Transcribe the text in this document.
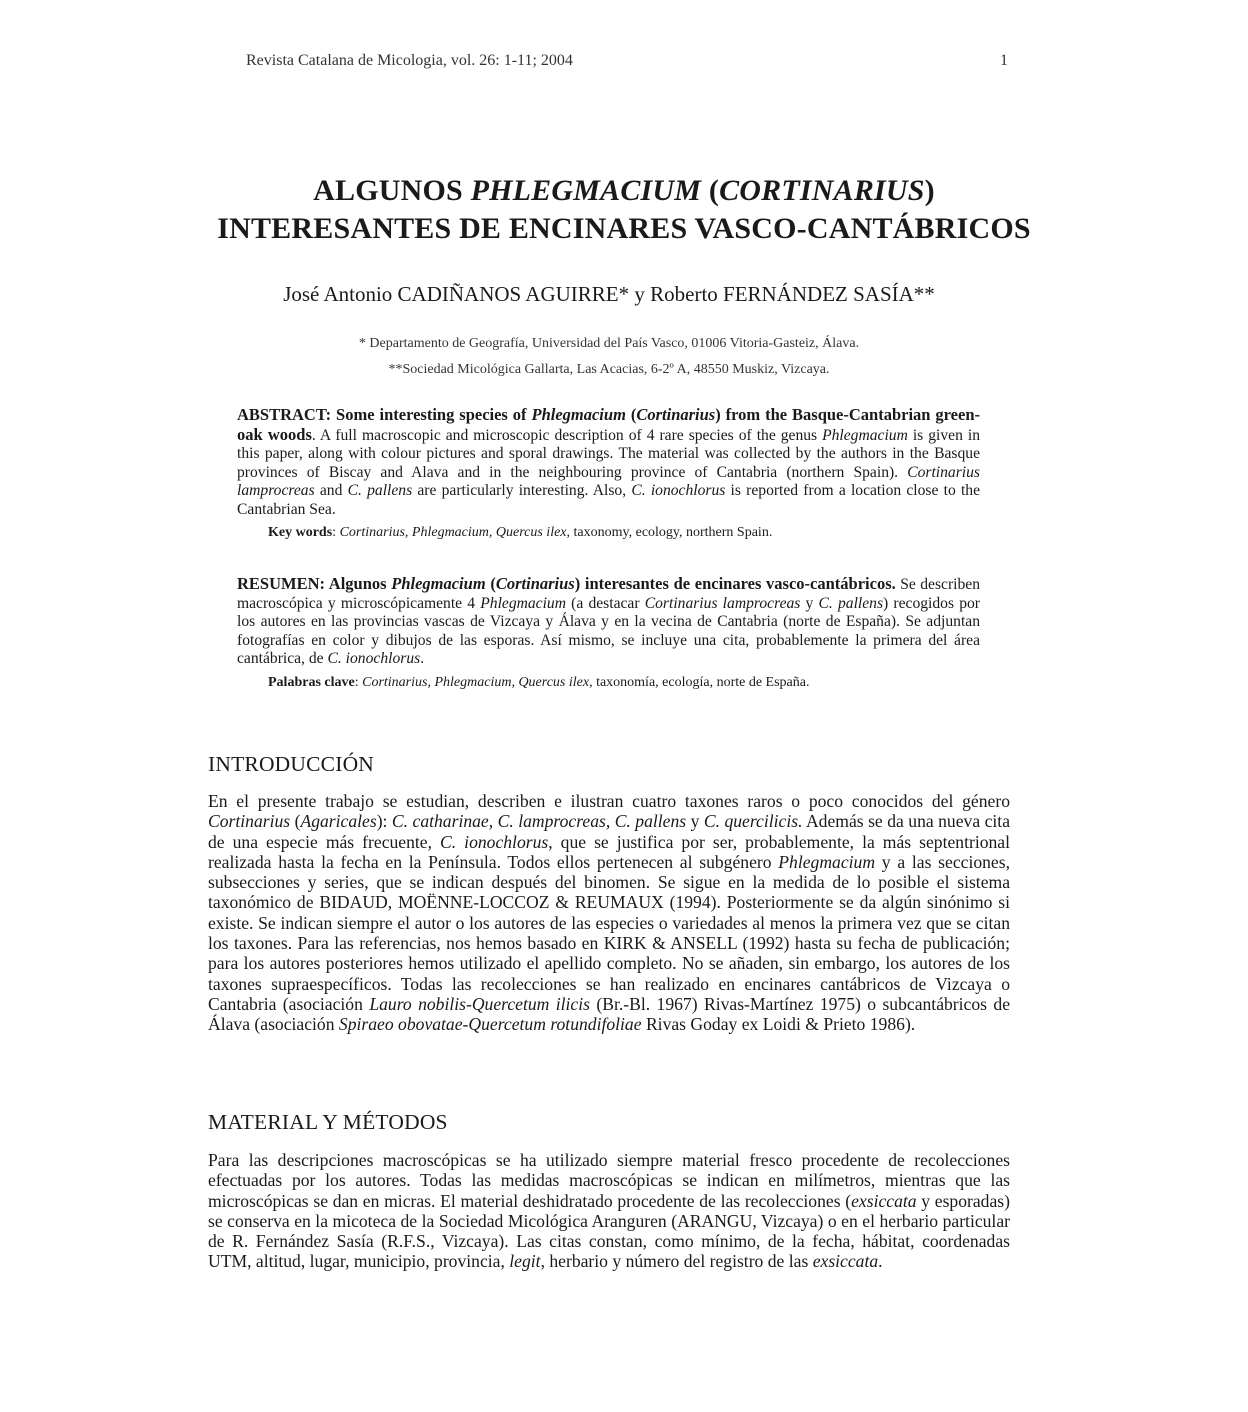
Revista Catalana de Micologia, vol. 26: 1-11; 2004	1
ALGUNOS PHLEGMACIUM (CORTINARIUS)
INTERESANTES DE ENCINARES VASCO-CANTÁBRICOS
José Antonio CADIÑANOS AGUIRRE* y Roberto FERNÁNDEZ SASÍA**
* Departamento de Geografía, Universidad del País Vasco, 01006 Vitoria-Gasteiz, Álava.
**Sociedad Micológica Gallarta, Las Acacias, 6-2º A, 48550 Muskiz, Vizcaya.
ABSTRACT: Some interesting species of Phlegmacium (Cortinarius) from the Basque-Cantabrian green-oak woods. A full macroscopic and microscopic description of 4 rare species of the genus Phlegmacium is given in this paper, along with colour pictures and sporal drawings. The material was collected by the authors in the Basque provinces of Biscay and Alava and in the neighbouring province of Cantabria (northern Spain). Cortinarius lamprocreas and C. pallens are particularly interesting. Also, C. ionochlorus is reported from a location close to the Cantabrian Sea.
Key words: Cortinarius, Phlegmacium, Quercus ilex, taxonomy, ecology, northern Spain.
RESUMEN: Algunos Phlegmacium (Cortinarius) interesantes de encinares vasco-cantábricos. Se describen macroscópica y microscópicamente 4 Phlegmacium (a destacar Cortinarius lamprocreas y C. pallens) recogidos por los autores en las provincias vascas de Vizcaya y Álava y en la vecina de Cantabria (norte de España). Se adjuntan fotografías en color y dibujos de las esporas. Así mismo, se incluye una cita, probablemente la primera del área cantábrica, de C. ionochlorus.
Palabras clave: Cortinarius, Phlegmacium, Quercus ilex, taxonomía, ecología, norte de España.
INTRODUCCIÓN

En el presente trabajo se estudian, describen e ilustran cuatro taxones raros o poco conocidos del género Cortinarius (Agaricales): C. catharinae, C. lamprocreas, C. pallens y C. quercilicis. Además se da una nueva cita de una especie más frecuente, C. ionochlorus, que se justifica por ser, probablemente, la más septentrional realizada hasta la fecha en la Península. Todos ellos pertenecen al subgénero Phlegmacium y a las secciones, subsecciones y series, que se indican después del binomen. Se sigue en la medida de lo posible el sistema taxonómico de BIDAUD, MOËNNE-LOCCOZ & REUMAUX (1994). Posteriormente se da algún sinónimo si existe. Se indican siempre el autor o los autores de las especies o variedades al menos la primera vez que se citan los taxones. Para las referencias, nos hemos basado en KIRK & ANSELL (1992) hasta su fecha de publicación; para los autores posteriores hemos utilizado el apellido completo. No se añaden, sin embargo, los autores de los taxones supraespecíficos. Todas las recolecciones se han realizado en encinares cantábricos de Vizcaya o Cantabria (asociación Lauro nobilis-Quercetum ilicis (Br.-Bl. 1967) Rivas-Martínez 1975) o subcantábricos de Álava (asociación Spiraeo obovatae-Quercetum rotundifoliae Rivas Goday ex Loidi & Prieto 1986).

MATERIAL Y MÉTODOS

Para las descripciones macroscópicas se ha utilizado siempre material fresco procedente de recolecciones efectuadas por los autores. Todas las medidas macroscópicas se indican en milímetros, mientras que las microscópicas se dan en micras. El material deshidratado procedente de las recolecciones (exsiccata y esporadas) se conserva en la micoteca de la Sociedad Micológica Aranguren (ARANGU, Vizcaya) o en el herbario particular de R. Fernández Sasía (R.F.S., Vizcaya). Las citas constan, como mínimo, de la fecha, hábitat, coordenadas UTM, altitud, lugar, municipio, provincia, legit, herbario y número del registro de las exsiccata.
